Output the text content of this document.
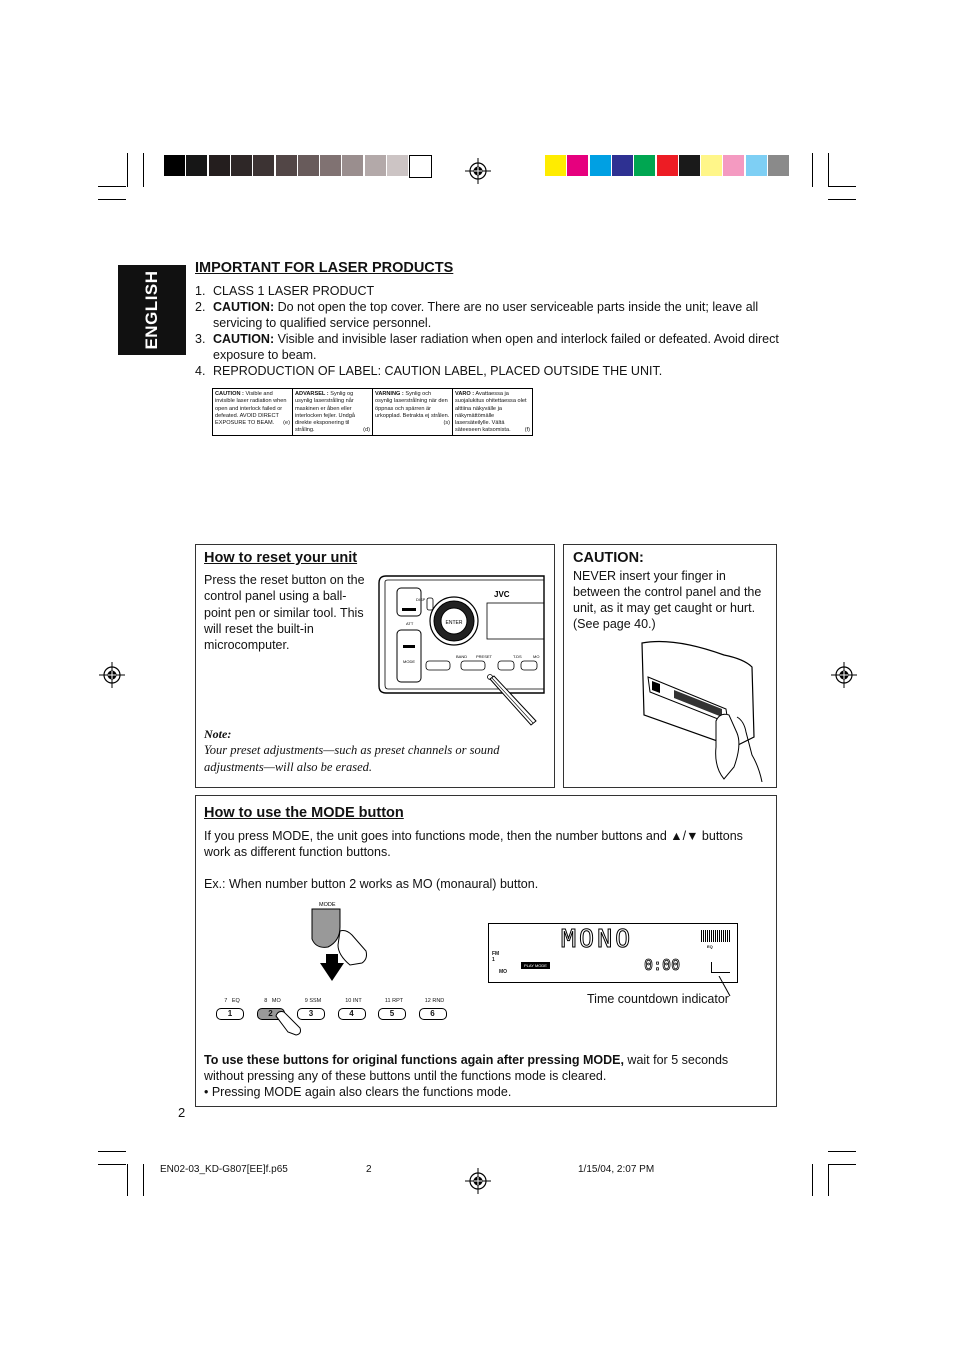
ENGLISH
IMPORTANT FOR LASER PRODUCTS
1. CLASS 1 LASER PRODUCT
2. CAUTION: Do not open the top cover. There are no user serviceable parts inside the unit; leave all servicing to qualified service personnel.
3. CAUTION: Visible and invisible laser radiation when open and interlock failed or defeated. Avoid direct exposure to beam.
4. REPRODUCTION OF LABEL: CAUTION LABEL, PLACED OUTSIDE THE UNIT.
CAUTION : Visible and invisible laser radiation when open and interlock failed or defeated. AVOID DIRECT EXPOSURE TO BEAM. (e)
ADVARSEL : Synlig og usynlig laserstråling når maskinen er åben eller interlocken fejler. Undgå direkte eksponering til stråling.	(d)
VARNING : Synlig och osynlig laserstrålning när den öppnas och spärren är urkopplad. Betrakta ej strålen.
(s)
VARO : Avattaessa ja suojalukitus ohitettaessa olet alttiina näkyvälle ja näkymättömälle lasersäteilylle. Vältä säteeseen katsomista.	(f)
How to reset your unit
Press the reset button on the control panel using a ball-point pen or similar tool. This will reset the built-in microcomputer.
ENTER
JVC
DISP
ATT
MODE
BAND PRESET	T.DS	MO
Note:
Your preset adjustments—such as preset channels or sound adjustments—will also be erased.
CAUTION:
NEVER insert your finger in between the control panel and the unit, as it may get caught or hurt. (See page 40.)
How to use the MODE button
If you press MODE, the unit goes into functions mode, then the number buttons and ▲/▼ buttons work as different function buttons.
Ex.: When number button 2 works as MO (monaural) button.
MODE
7   EQ
1
8   MO
2
9 SSM
3
10 INT
4
11 RPT
5
12 RND
6
MONO
FM
1
MO
PLAY MODE	0:00
EQ
Time countdown indicator
To use these buttons for original functions again after pressing MODE, wait for 5 seconds without pressing any of these buttons until the functions mode is cleared.
• Pressing MODE again also clears the functions mode.
2
EN02-03_KD-G807[EE]f.p65	2	1/15/04, 2:07 PM
